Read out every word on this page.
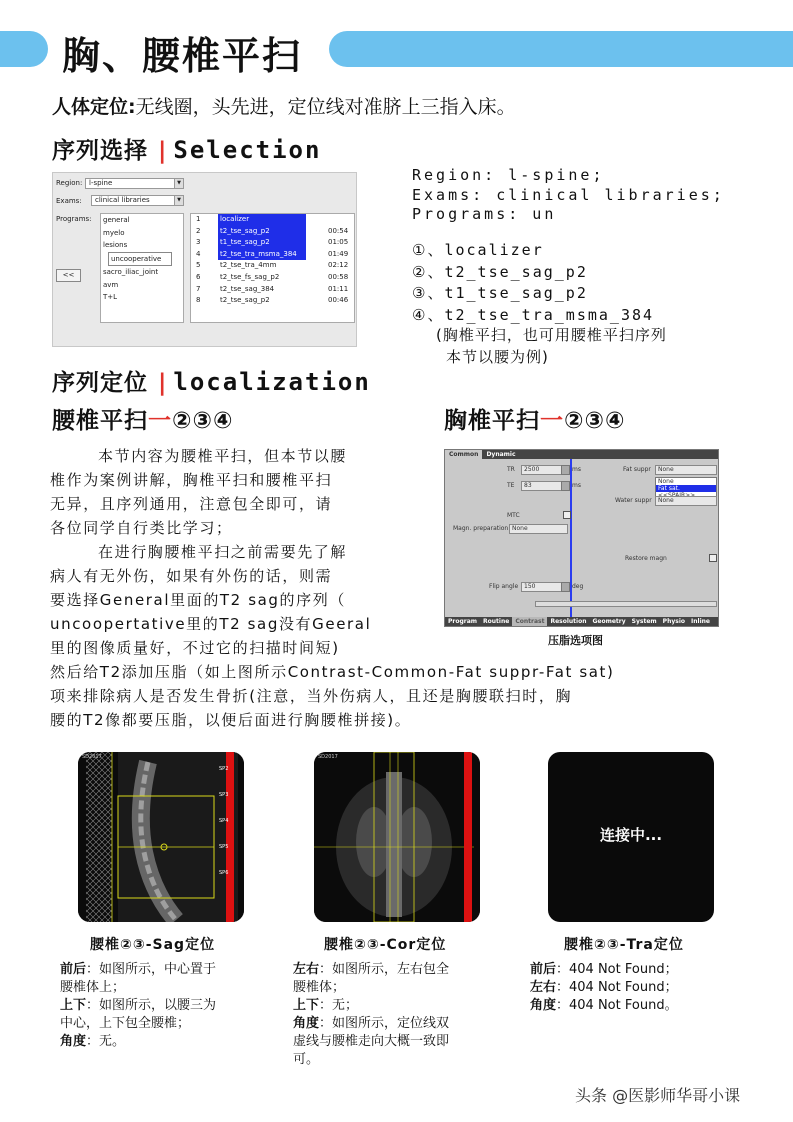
胸、腰椎平扫
人体定位:无线圈，头先进，定位线对准脐上三指入床。
序列选择 | Selection
Region: l-spine	▼
Exams:	clinical libraries	▼
Programs: general
myelo
lesions
uncooperative
sacro_iliac_joint
avm
T+L
<<
1	localizer
2	t2_tse_sag_p2	00:54
3	t1_tse_sag_p2	01:05
4	t2_tse_tra_msma_384	01:49
5	t2_tse_tra_4mm	02:12
6	t2_tse_fs_sag_p2	00:58
7	t2_tse_sag_384	01:11
8	t2_tse_sag_p2	00:46
Region: l-spine;
Exams: clinical libraries;
Programs: un
①、localizer
②、t2_tse_sag_p2
③、t1_tse_sag_p2
④、t2_tse_tra_msma_384
(胸椎平扫，也可用腰椎平扫序列
本节以腰为例)
序列定位 | localization
腰椎平扫一②③④	胸椎平扫一②③④
本节内容为腰椎平扫，但本节以腰
椎作为案例讲解，胸椎平扫和腰椎平扫
无异，且序列通用，注意包全即可，请
各位同学自行类比学习；
在进行胸腰椎平扫之前需要先了解
病人有无外伤，如果有外伤的话，则需
要选择General里面的T2 sag的序列（
uncoopertative里的T2 sag没有Geeral
里的图像质量好，不过它的扫描时间短)
然后给T2添加压脂（如上图所示Contrast-Common-Fat suppr-Fat sat)
项来排除病人是否发生骨折(注意，当外伤病人，且还是胸腰联扫时，胸
腰的T2像都要压脂，以便后面进行胸腰椎拼接)。
Common Dynamic
TR	2500	ms
TE	83	ms
Fat suppr	None
None
Fat sat.
Water suppr	None
MTC
Magn. preparation None
Restore magn
Flip angle 150	deg
Program Routine Contrast Resolution Geometry System Physio InlineSe
压脂选项图
SD2017
SP2
SP3
SP4
SP5
SP6
SD2017
连接中...
腰椎②③-Sag定位	腰椎②③-Cor定位	腰椎②③-Tra定位
前后：如图所示，中心置于
腰椎体上；
上下：如图所示，以腰三为
中心，上下包全腰椎；
角度：无。
左右：如图所示，左右包全
腰椎体；
上下：无；
角度：如图所示，定位线双
虚线与腰椎走向大概一致即
可。
前后：404 Not Found；
左右：404 Not Found；
角度：404 Not Found。
头条 @医影师华哥小课
